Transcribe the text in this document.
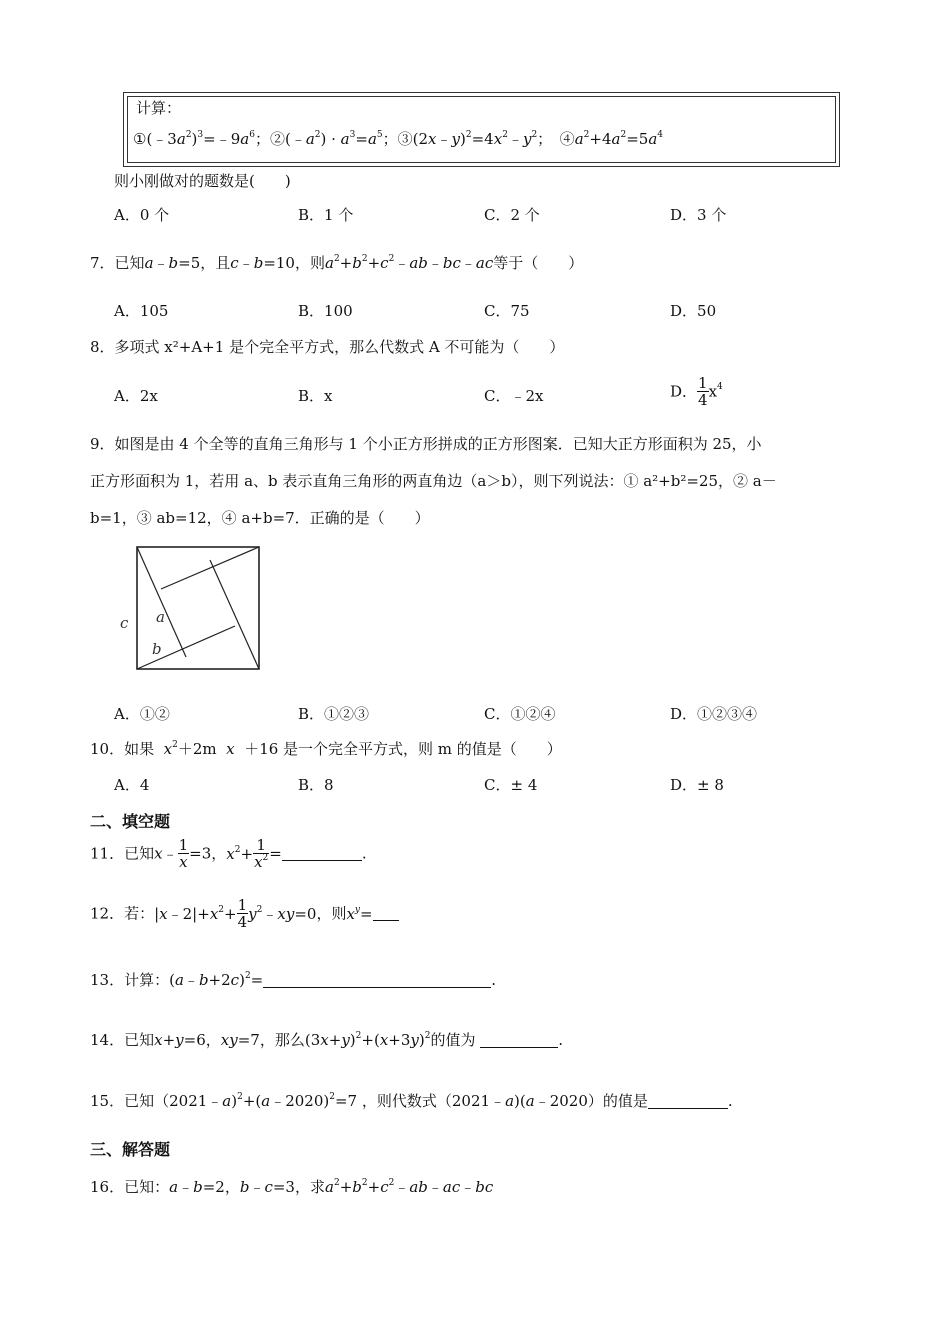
计算：
$①(﹣3a^2)^3=﹣9a^6$；$②(﹣a^2) \cdot a^3=a^5$；$③(2x﹣y)^2=4x^2﹣y^2$；　$④a^2+4a^2=5a^4$
则小刚做对的题数是(　　)
A．0 个	B．1 个	C．2 个	D．3 个
7．已知a﹣b=5，且c﹣b=10，则$a^2+b^2+c^2﹣ab﹣bc﹣ac$等于（　　）
A．105	B．100	C．75	D．50
8．多项式 x²+A+1 是个完全平方式，那么代数式 A 不可能为（　　）
A．2x	B．x	C．﹣2x	D． $\frac{1}{4} x^4$
9．如图是由 4 个全等的直角三角形与 1 个小正方形拼成的正方形图案．已知大正方形面积为 25，小
正方形面积为 1，若用 a、b 表示直角三角形的两直角边（a＞b），则下列说法：① a²+b²=25，② a－
b=1，③ ab=12，④ a+b=7．正确的是（　　）
c a
b
A．①②	B．①②③	C．①②④	D．①②③④
10．如果 $x^2+2m$ x ＋16 是一个完全平方式，则 m 的值是（　　）
A．4	B．8	C．± 4	D．± 8
二、填空题
11．已知x﹣ $\frac{1}{x} =3$，$x^2+ \frac{1}{x^2}$ =	.
12．若：$|x﹣2|+x^2+ \frac{1}{4}$ $y^2﹣xy=0$，则$x^y=$
13．计算：(a﹣b+2c)$^2$=	.
14．已知x+y=6，xy=7，那么$(3x+y)^2+(x+3y)^2$的值为	.
15．已知（2021﹣a)$^2$+(a﹣2020)$^2$=7 ，则代数式（2021﹣a)(a﹣2020）的值是	.
三、解答题
16．已知：a﹣b=2，b﹣c=3，求$a^2+b^2+c^2﹣ab﹣ac﹣bc$
